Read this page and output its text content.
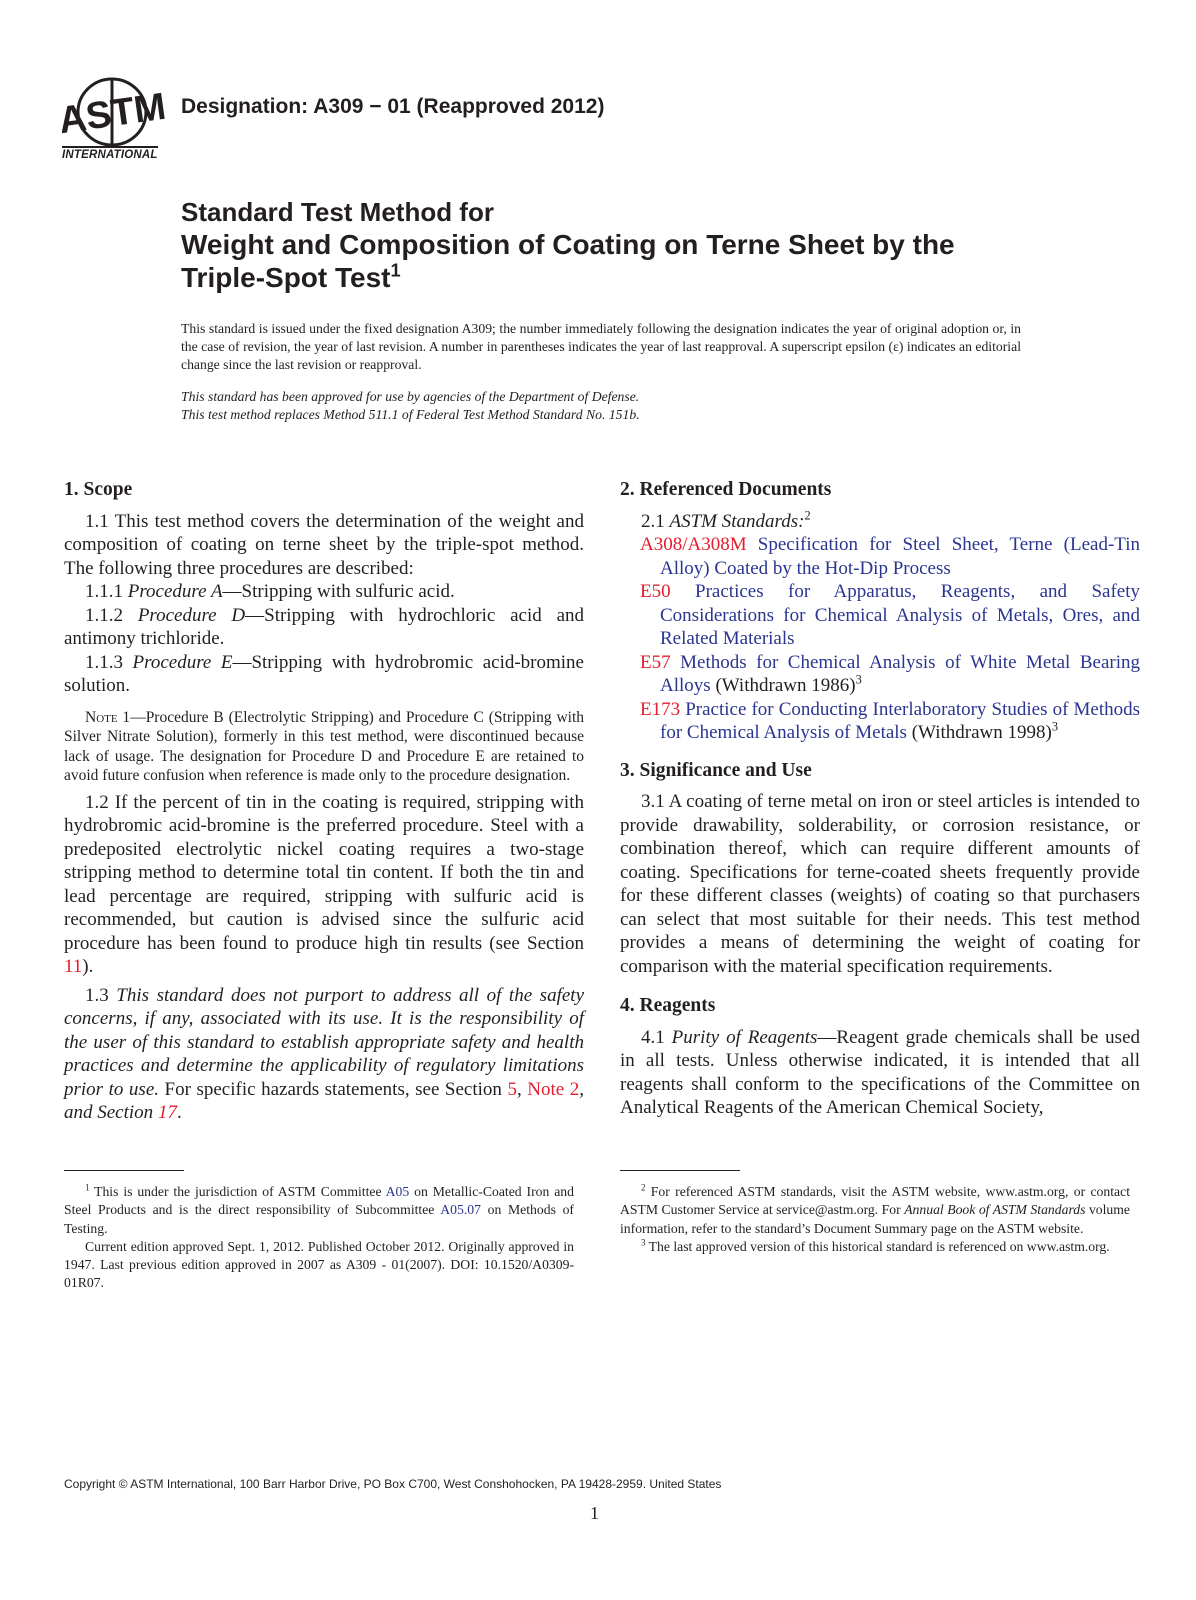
ASTM
INTERNATIONAL
Designation: A309 − 01 (Reapproved 2012)
Standard Test Method for
Weight and Composition of Coating on Terne Sheet by the
Triple-Spot Test$^1$
This standard is issued under the fixed designation A309; the number immediately following the designation indicates the year of original adoption or, in the case of revision, the year of last revision. A number in parentheses indicates the year of last reapproval. A superscript epsilon (ε) indicates an editorial change since the last revision or reapproval.
This standard has been approved for use by agencies of the Department of Defense.
This test method replaces Method 511.1 of Federal Test Method Standard No. 151b.
1. Scope

1.1 This test method covers the determination of the weight and composition of coating on terne sheet by the triple-spot method. The following three procedures are described:

1.1.1 Procedure A—Stripping with sulfuric acid.

1.1.2 Procedure D—Stripping with hydrochloric acid and antimony trichloride.

1.1.3 Procedure E—Stripping with hydrobromic acid-bromine solution.

Note 1—Procedure B (Electrolytic Stripping) and Procedure C (Stripping with Silver Nitrate Solution), formerly in this test method, were discontinued because lack of usage. The designation for Procedure D and Procedure E are retained to avoid future confusion when reference is made only to the procedure designation.

1.2 If the percent of tin in the coating is required, stripping with hydrobromic acid-bromine is the preferred procedure. Steel with a predeposited electrolytic nickel coating requires a two-stage stripping method to determine total tin content. If both the tin and lead percentage are required, stripping with sulfuric acid is recommended, but caution is advised since the sulfuric acid procedure has been found to produce high tin results (see Section 11).

1.3 This standard does not purport to address all of the safety concerns, if any, associated with its use. It is the responsibility of the user of this standard to establish appropriate safety and health practices and determine the applicability of regulatory limitations prior to use. For specific hazards statements, see Section 5, Note 2, and Section 17.

2. Referenced Documents

2.1 ASTM Standards:$^2$

A308/A308M Specification for Steel Sheet, Terne (Lead-Tin Alloy) Coated by the Hot-Dip Process

E50 Practices for Apparatus, Reagents, and Safety Considerations for Chemical Analysis of Metals, Ores, and Related Materials

E57 Methods for Chemical Analysis of White Metal Bearing Alloys (Withdrawn 1986)$^3$

E173 Practice for Conducting Interlaboratory Studies of Methods for Chemical Analysis of Metals (Withdrawn 1998)$^3$

3. Significance and Use

3.1 A coating of terne metal on iron or steel articles is intended to provide drawability, solderability, or corrosion resistance, or combination thereof, which can require different amounts of coating. Specifications for terne-coated sheets frequently provide for these different classes (weights) of coating so that purchasers can select that most suitable for their needs. This test method provides a means of determining the weight of coating for comparison with the material specification requirements.

4. Reagents

4.1 Purity of Reagents—Reagent grade chemicals shall be used in all tests. Unless otherwise indicated, it is intended that all reagents shall conform to the specifications of the Committee on Analytical Reagents of the American Chemical Society,

$^1$ This is under the jurisdiction of ASTM Committee A05 on Metallic-Coated Iron and Steel Products and is the direct responsibility of Subcommittee A05.07 on Methods of Testing.

Current edition approved Sept. 1, 2012. Published October 2012. Originally approved in 1947. Last previous edition approved in 2007 as A309 - 01(2007). DOI: 10.1520/A0309-01R07.

$^2$ For referenced ASTM standards, visit the ASTM website, www.astm.org, or contact ASTM Customer Service at service@astm.org. For Annual Book of ASTM Standards volume information, refer to the standard’s Document Summary page on the ASTM website.

$^3$ The last approved version of this historical standard is referenced on www.astm.org.

Copyright © ASTM International, 100 Barr Harbor Drive, PO Box C700, West Conshohocken, PA 19428-2959. United States
1
